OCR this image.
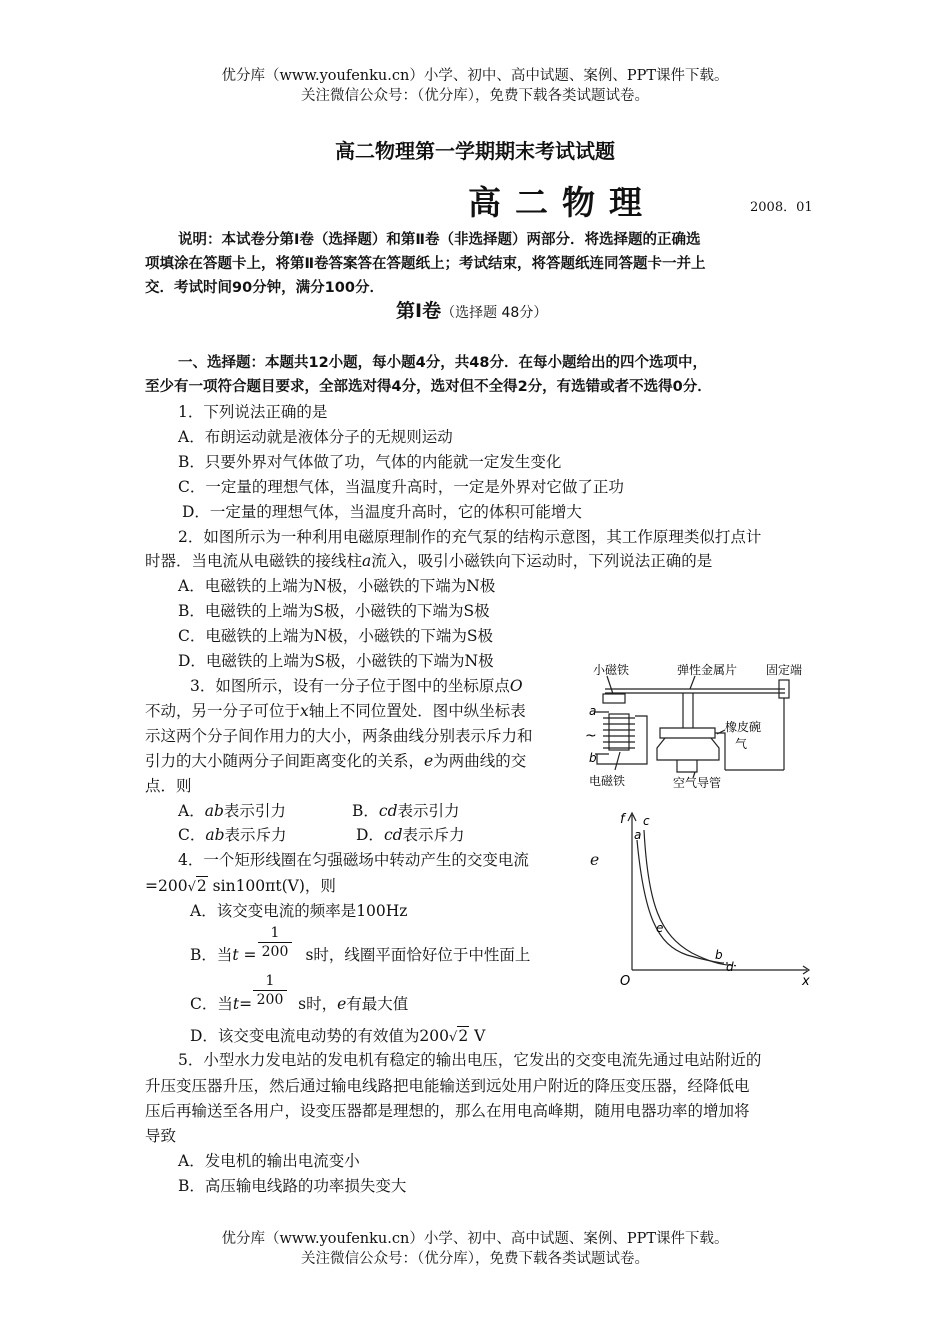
优分库（www.youfenku.cn）小学、初中、高中试题、案例、PPT课件下载。
关注微信公众号：（优分库），免费下载各类试题试卷。
高二物理第一学期期末考试试题
高二物理	2008．01
说明：本试卷分第Ⅰ卷（选择题）和第Ⅱ卷（非选择题）两部分．将选择题的正确选
项填涂在答题卡上，将第Ⅱ卷答案答在答题纸上；考试结束，将答题纸连同答题卡一并上
交．考试时间90分钟，满分100分．
第Ⅰ卷（选择题 48分）
一、选择题：本题共12小题，每小题4分，共48分．在每小题给出的四个选项中，
至少有一项符合题目要求，全部选对得4分，选对但不全得2分，有选错或者不选得0分．
1．下列说法正确的是
A．布朗运动就是液体分子的无规则运动
B．只要外界对气体做了功，气体的内能就一定发生变化
C．一定量的理想气体，当温度升高时，一定是外界对它做了正功
D．一定量的理想气体，当温度升高时，它的体积可能增大
2．如图所示为一种利用电磁原理制作的充气泵的结构示意图，其工作原理类似打点计
时器．当电流从电磁铁的接线柱a流入，吸引小磁铁向下运动时，下列说法正确的是
A．电磁铁的上端为N极，小磁铁的下端为N极
B．电磁铁的上端为S极，小磁铁的下端为S极
C．电磁铁的上端为N极，小磁铁的下端为S极
D．电磁铁的上端为S极，小磁铁的下端为N极
3．如图所示，设有一分子位于图中的坐标原点O
不动，另一分子可位于x轴上不同位置处．图中纵坐标表
示这两个分子间作用力的大小，两条曲线分别表示斥力和
引力的大小随两分子间距离变化的关系，e为两曲线的交
点．则
A．ab表示引力	B．cd表示引力
C．ab表示斥力	D．cd表示斥力
4．一个矩形线圈在匀强磁场中转动产生的交变电流	e
=200√2 sin100πt(V)，则
A．该交变电流的频率是100Hz
B．当t =	s时，线圈平面恰好位于中性面上
$\frac{1}{200}$
C．当t=	s时，e有最大值
$\frac{1}{200}$
D．该交变电流电动势的有效值为200√2 V
5．小型水力发电站的发电机有稳定的输出电压，它发出的交变电流先通过电站附近的
升压变压器升压，然后通过输电线路把电能输送到远处用户附近的降压变压器，经降低电
压后再输送至各用户，设变压器都是理想的，那么在用电高峰期，随用电器功率的增加将
导致
A．发电机的输出电流变小
B．高压输电线路的功率损失变大
优分库（www.youfenku.cn）小学、初中、高中试题、案例、PPT课件下载。
关注微信公众号：（优分库），免费下载各类试题试卷。
小磁铁	弹性金属片 固定端
橡皮碗
气
电磁铁	空气导管
a
b
~
f
x
O
a
c
e
b
d
